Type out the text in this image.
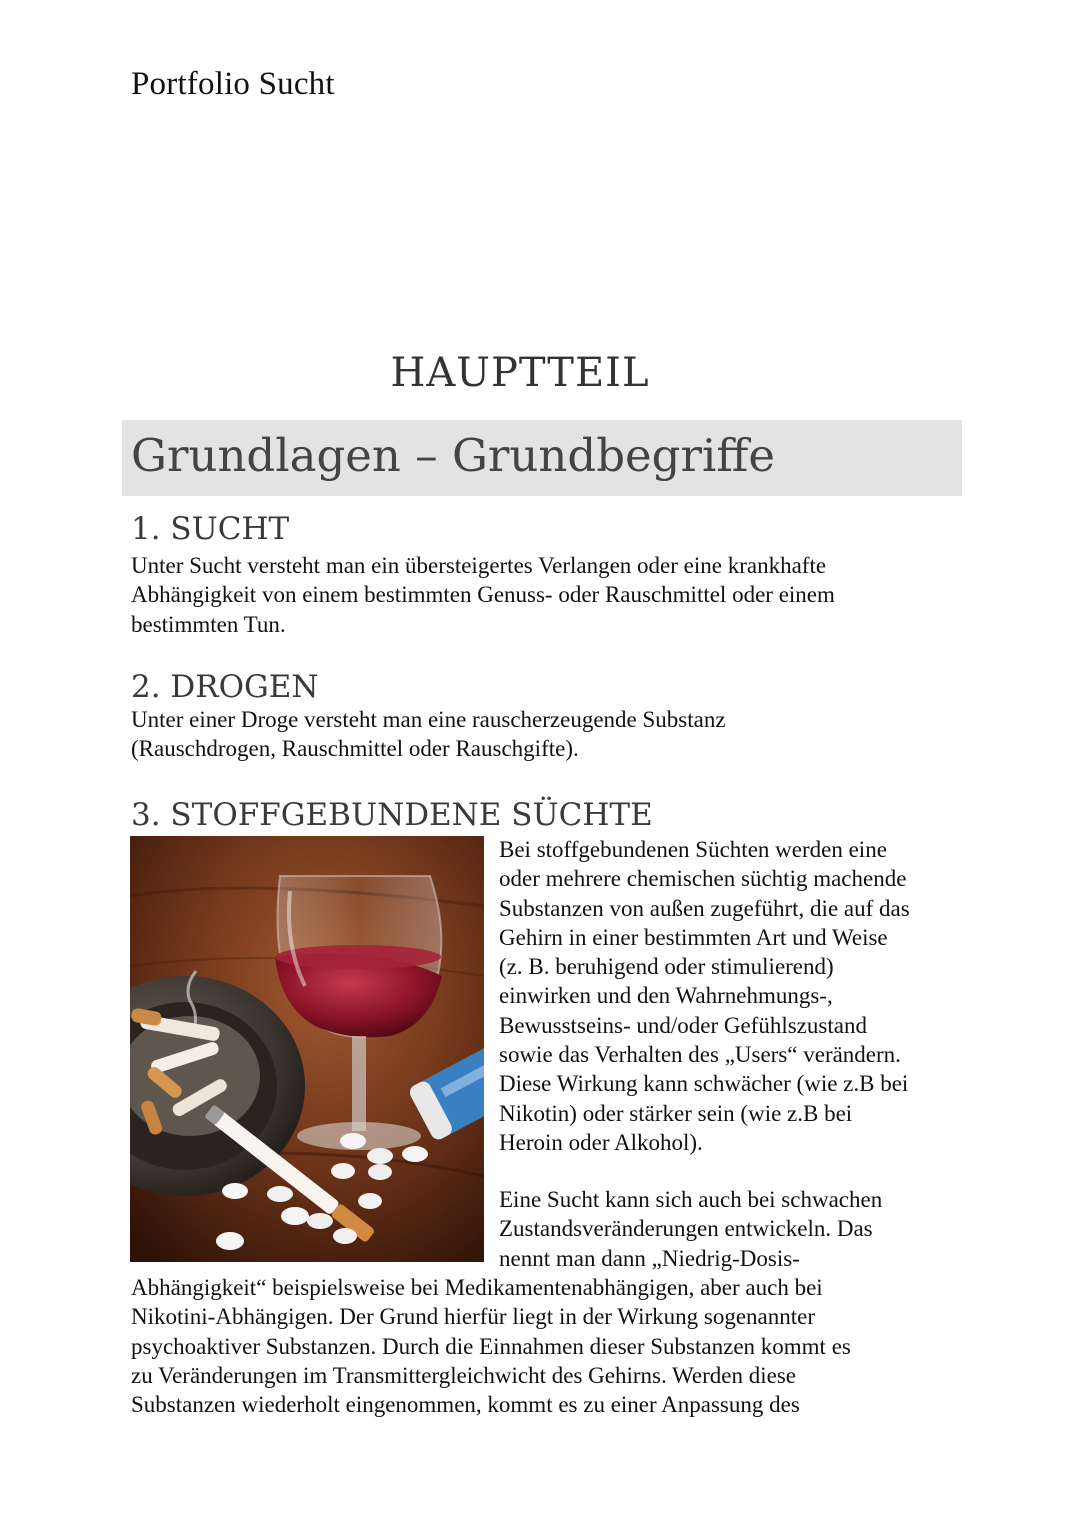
Portfolio Sucht
HAUPTTEIL
Grundlagen – Grundbegriffe
1. SUCHT
Unter Sucht versteht man ein übersteigertes Verlangen oder eine krankhafte
Abhängigkeit von einem bestimmten Genuss- oder Rauschmittel oder einem
bestimmten Tun.
2. DROGEN
Unter einer Droge versteht man eine rauscherzeugende Substanz
(Rauschdrogen, Rauschmittel oder Rauschgifte).
3. STOFFGEBUNDENE SÜCHTE
Bei stoffgebundenen Süchten werden eine
oder mehrere chemischen süchtig machende
Substanzen von außen zugeführt, die auf das
Gehirn in einer bestimmten Art und Weise
(z. B. beruhigend oder stimulierend)
einwirken und den Wahrnehmungs-,
Bewusstseins- und/oder Gefühlszustand
sowie das Verhalten des „Users“ verändern.
Diese Wirkung kann schwächer (wie z.B bei
Nikotin) oder stärker sein (wie z.B bei
Heroin oder Alkohol).
Eine Sucht kann sich auch bei schwachen
Zustandsveränderungen entwickeln. Das
nennt man dann „Niedrig-Dosis-
Abhängigkeit“ beispielsweise bei Medikamentenabhängigen, aber auch bei
Nikotini-Abhängigen. Der Grund hierfür liegt in der Wirkung sogenannter
psychoaktiver Substanzen. Durch die Einnahmen dieser Substanzen kommt es
zu Veränderungen im Transmittergleichwicht des Gehirns. Werden diese
Substanzen wiederholt eingenommen, kommt es zu einer Anpassung des
